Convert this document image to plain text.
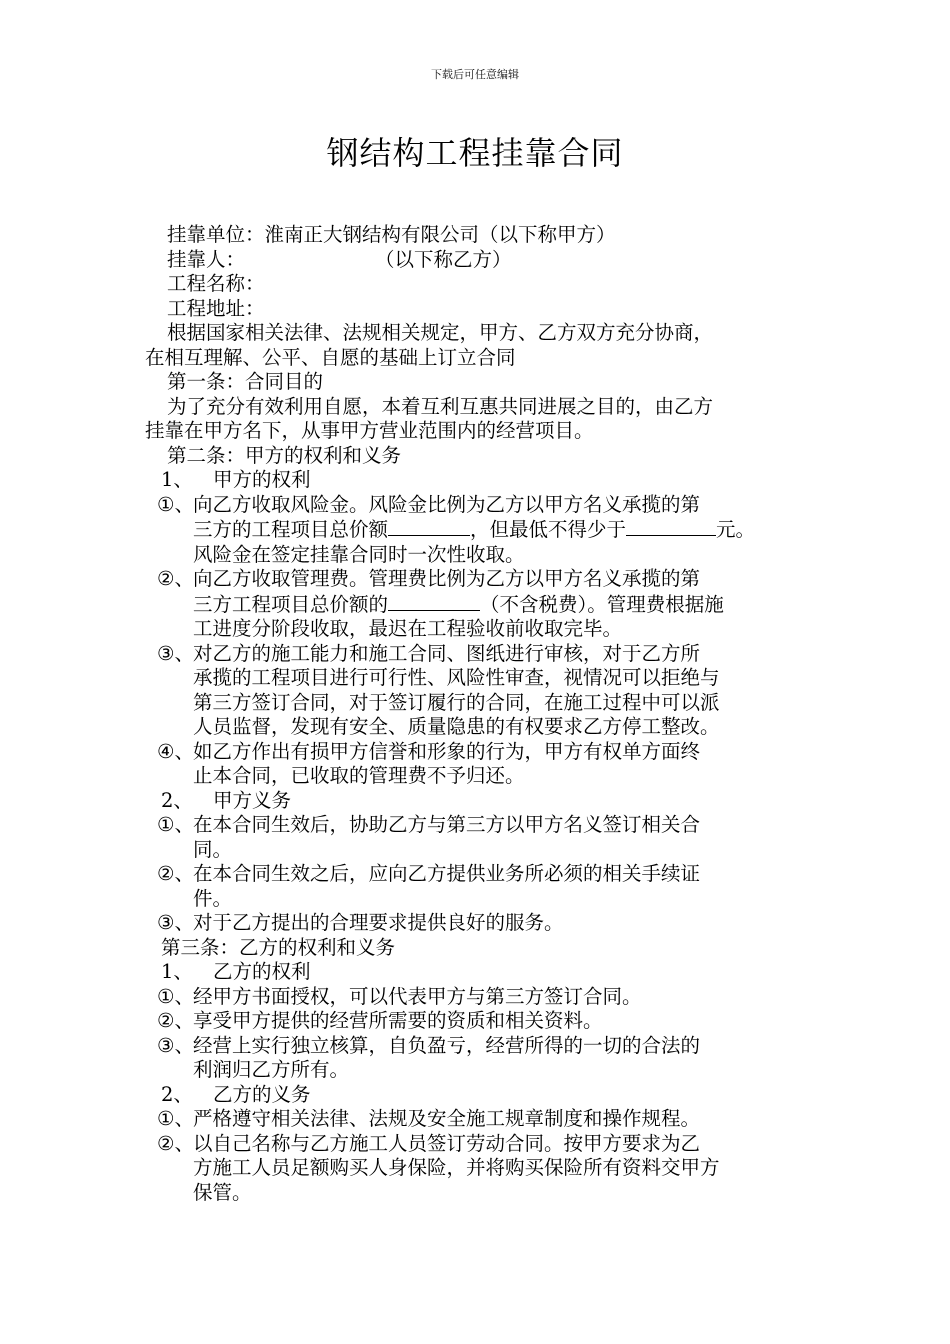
下载后可任意编辑
钢结构工程挂靠合同

挂靠单位：淮南正大钢结构有限公司（以下称甲方）

挂靠人：	（以下称乙方）

工程名称：

工程地址：

根据国家相关法律、法规相关规定，甲方、乙方双方充分协商，

在相互理解、公平、自愿的基础上订立合同

第一条：合同目的

为了充分有效利用自愿，本着互利互惠共同进展之目的，由乙方

挂靠在甲方名下，从事甲方营业范围内的经营项目。

第二条：甲方的权利和义务

1、 甲方的权利

①、 向乙方收取风险金。风险金比例为乙方以甲方名义承揽的第
三方的工程项目总价额	，但最低不得少于	元。
风险金在签定挂靠合同时一次性收取。
②、 向乙方收取管理费。管理费比例为乙方以甲方名义承揽的第
三方工程项目总价额的	（不含税费）。管理费根据施
工进度分阶段收取，最迟在工程验收前收取完毕。
③、 对乙方的施工能力和施工合同、图纸进行审核，对于乙方所
承揽的工程项目进行可行性、风险性审查，视情况可以拒绝与
第三方签订合同，对于签订履行的合同，在施工过程中可以派
人员监督，发现有安全、质量隐患的有权要求乙方停工整改。
④、 如乙方作出有损甲方信誉和形象的行为，甲方有权单方面终
止本合同，已收取的管理费不予归还。

2、 甲方义务

①、 在本合同生效后，协助乙方与第三方以甲方名义签订相关合
同。
②、 在本合同生效之后，应向乙方提供业务所必须的相关手续证
件。
③、 对于乙方提出的合理要求提供良好的服务。

第三条：乙方的权利和义务

1、 乙方的权利

①、 经甲方书面授权，可以代表甲方与第三方签订合同。
②、 享受甲方提供的经营所需要的资质和相关资料。
③、 经营上实行独立核算，自负盈亏，经营所得的一切的合法的
利润归乙方所有。

2、 乙方的义务

①、 严格遵守相关法律、法规及安全施工规章制度和操作规程。
②、 以自己名称与乙方施工人员签订劳动合同。按甲方要求为乙
方施工人员足额购买人身保险，并将购买保险所有资料交甲方
保管。
